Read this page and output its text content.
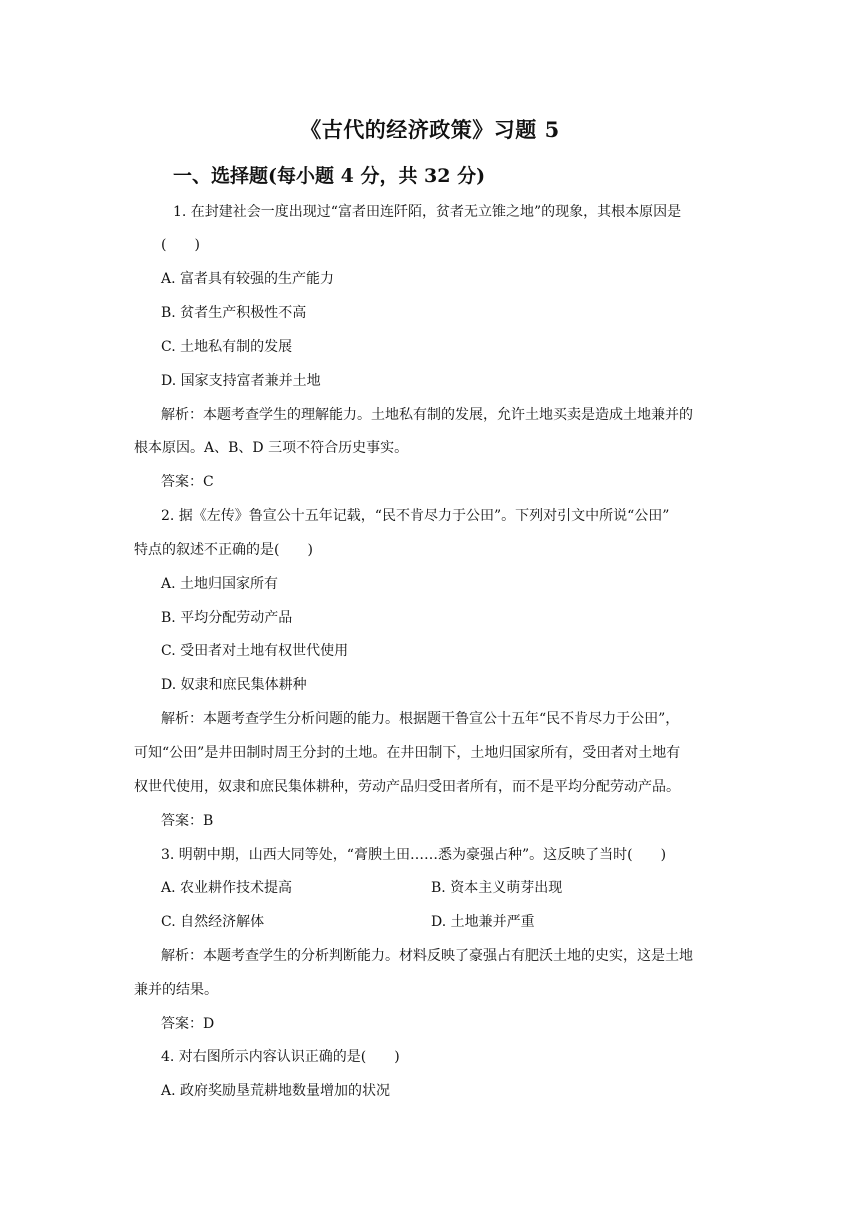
《古代的经济政策》习题 5
一、选择题(每小题 4 分，共 32 分)
1. 在封建社会一度出现过“富者田连阡陌，贫者无立锥之地”的现象，其根本原因是
(　　)
A. 富者具有较强的生产能力
B. 贫者生产积极性不高
C. 土地私有制的发展
D. 国家支持富者兼并土地
解析：本题考查学生的理解能力。土地私有制的发展，允许土地买卖是造成土地兼并的
根本原因。A、B、D 三项不符合历史事实。
答案：C
2. 据《左传》鲁宣公十五年记载，“民不肯尽力于公田”。下列对引文中所说“公田”
特点的叙述不正确的是(　　)
A. 土地归国家所有
B. 平均分配劳动产品
C. 受田者对土地有权世代使用
D. 奴隶和庶民集体耕种
解析：本题考查学生分析问题的能力。根据题干鲁宣公十五年“民不肯尽力于公田”，
可知“公田”是井田制时周王分封的土地。在井田制下，土地归国家所有，受田者对土地有
权世代使用，奴隶和庶民集体耕种，劳动产品归受田者所有，而不是平均分配劳动产品。
答案：B
3. 明朝中期，山西大同等处，“膏腴土田……悉为豪强占种”。这反映了当时(　　)
A. 农业耕作技术提高	B. 资本主义萌芽出现
C. 自然经济解体	D. 土地兼并严重
解析：本题考查学生的分析判断能力。材料反映了豪强占有肥沃土地的史实，这是土地
兼并的结果。
答案：D
4. 对右图所示内容认识正确的是(　　)
A. 政府奖励垦荒耕地数量增加的状况
